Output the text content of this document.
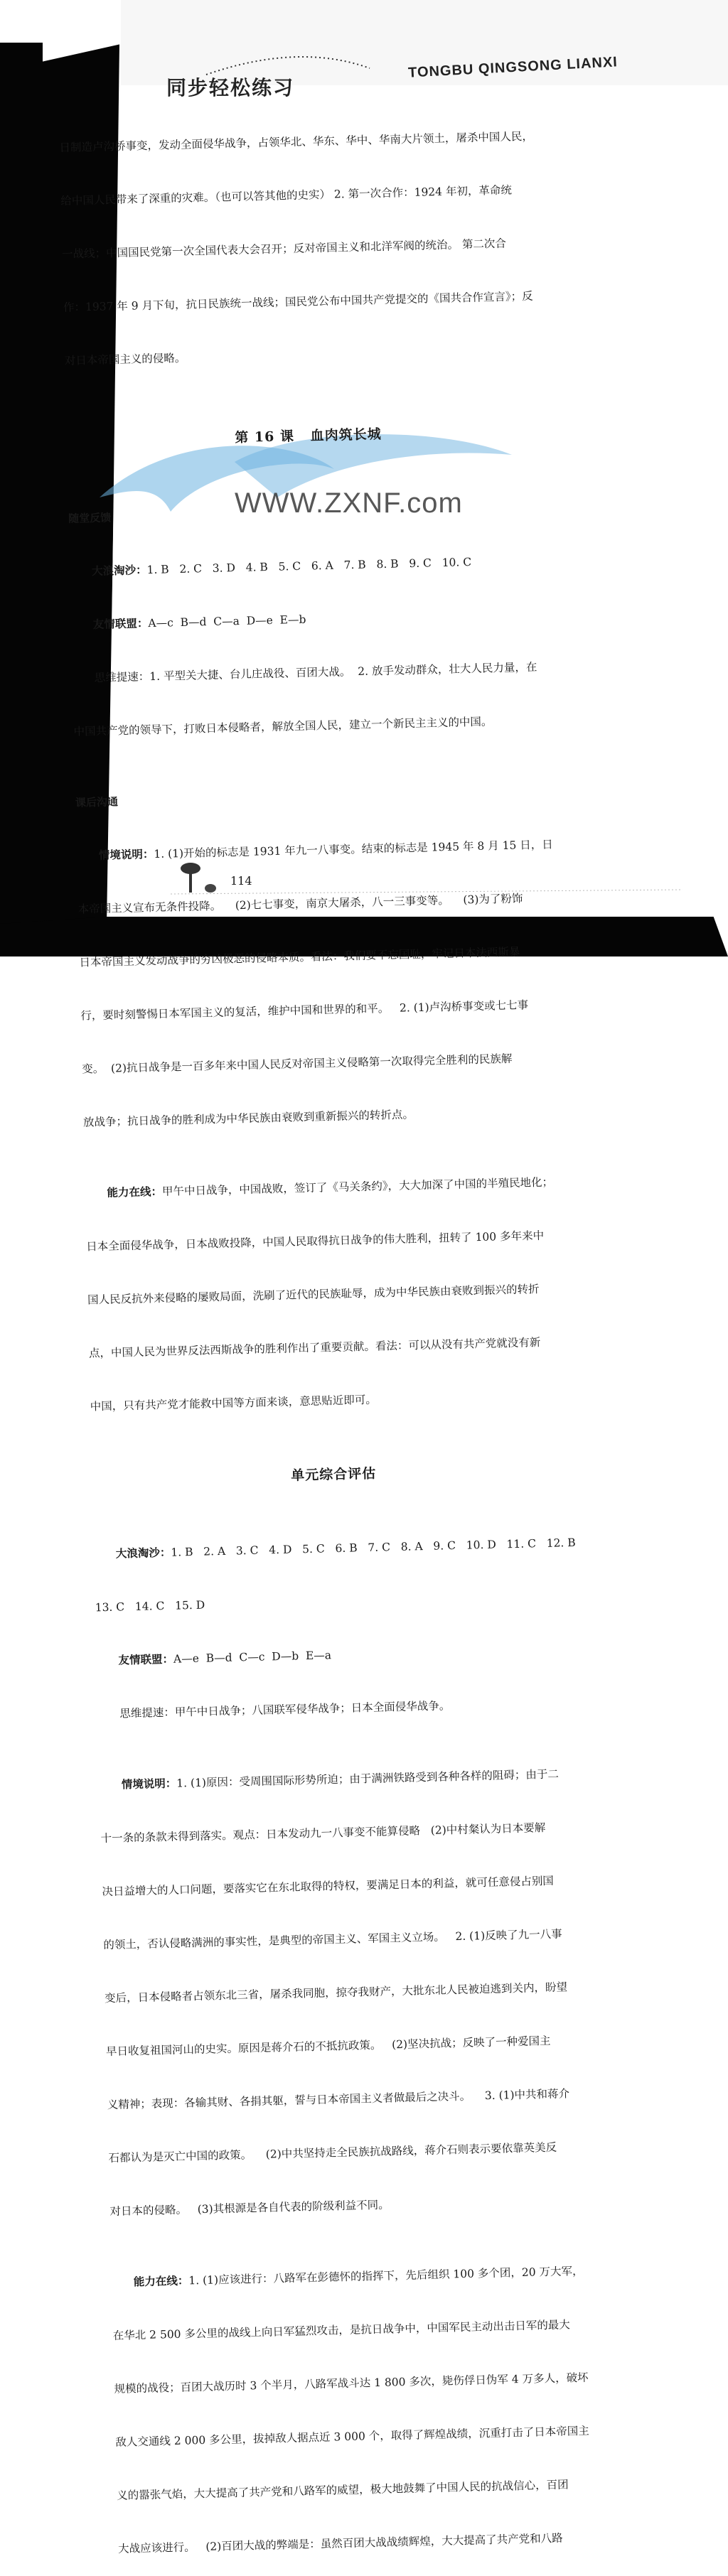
同步轻松练习
TONGBU QINGSONG LIANXI

日制造卢沟桥事变，发动全面侵华战争，占领华北、华东、华中、华南大片领土，屠杀中国人民，

给中国人民带来了深重的灾难。（也可以答其他的史实） 2. 第一次合作：1924 年初，革命统

一战线；中国国民党第一次全国代表大会召开；反对帝国主义和北洋军阀的统治。 第二次合

作：1937 年 9 月下旬，抗日民族统一战线；国民党公布中国共产党提交的《国共合作宣言》；反

对日本帝国主义的侵略。

第 16 课   血肉筑长城

随堂反馈

大浪淘沙：1. B   2. C   3. D   4. B   5. C   6. A   7. B   8. B   9. C   10. C

友情联盟：A—c  B—d  C—a  D—e  E—b

思维提速：1. 平型关大捷、台儿庄战役、百团大战。  2. 放手发动群众，壮大人民力量，在

中国共产党的领导下，打败日本侵略者，解放全国人民，建立一个新民主主义的中国。

课后沟通

情境说明：1. (1)开始的标志是 1931 年九一八事变。结束的标志是 1945 年 8 月 15 日，日

本帝国主义宣布无条件投降。    (2)七七事变，南京大屠杀，八一三事变等。    (3)为了粉饰

日本帝国主义发动战争的穷凶极恶的侵略本质。看法：我们要不忘国耻，牢记日本法西斯暴

行，要时刻警惕日本军国主义的复活，维护中国和世界的和平。   2. (1)卢沟桥事变或七七事

变。  (2)抗日战争是一百多年来中国人民反对帝国主义侵略第一次取得完全胜利的民族解

放战争；抗日战争的胜利成为中华民族由衰败到重新振兴的转折点。

能力在线：甲午中日战争，中国战败，签订了《马关条约》，大大加深了中国的半殖民地化；

日本全面侵华战争，日本战败投降，中国人民取得抗日战争的伟大胜利，扭转了 100 多年来中

国人民反抗外来侵略的屡败局面，洗刷了近代的民族耻辱，成为中华民族由衰败到振兴的转折

点，中国人民为世界反法西斯战争的胜利作出了重要贡献。看法：可以从没有共产党就没有新

中国，只有共产党才能救中国等方面来谈，意思贴近即可。

单元综合评估

大浪淘沙：1. B   2. A   3. C   4. D   5. C   6. B   7. C   8. A   9. C   10. D   11. C   12. B

13. C   14. C   15. D

友情联盟：A—e  B—d  C—c  D—b  E—a

思维提速：甲午中日战争；八国联军侵华战争；日本全面侵华战争。

情境说明：1. (1)原因：受周围国际形势所迫；由于满洲铁路受到各种各样的阻碍；由于二

十一条的条款未得到落实。观点：日本发动九一八事变不能算侵略   (2)中村粲认为日本要解

决日益增大的人口问题，要落实它在东北取得的特权，要满足日本的利益，就可任意侵占别国

的领土，否认侵略满洲的事实性，是典型的帝国主义、军国主义立场。   2. (1)反映了九一八事

变后，日本侵略者占领东北三省，屠杀我同胞，掠夺我财产，大批东北人民被迫逃到关内，盼望

早日收复祖国河山的史实。原因是蒋介石的不抵抗政策。   (2)坚决抗战；反映了一种爱国主

义精神；表现：各输其财、各捐其躯，誓与日本帝国主义者做最后之决斗。    3. (1)中共和蒋介

石都认为是灭亡中国的政策。    (2)中共坚持走全民族抗战路线，蒋介石则表示要依靠英美反

对日本的侵略。   (3)其根源是各自代表的阶级利益不同。

能力在线：1. (1)应该进行：八路军在彭德怀的指挥下，先后组织 100 多个团，20 万大军，

在华北 2 500 多公里的战线上向日军猛烈攻击，是抗日战争中，中国军民主动出击日军的最大

规模的战役；百团大战历时 3 个半月，八路军战斗达 1 800 多次，毙伤俘日伪军 4 万多人，破坏

敌人交通线 2 000 多公里，拔掉敌人据点近 3 000 个，取得了辉煌战绩，沉重打击了日本帝国主

义的嚣张气焰，大大提高了共产党和八路军的威望，极大地鼓舞了中国人民的抗战信心，百团

大战应该进行。   (2)百团大战的弊端是：虽然百团大战战绩辉煌，大大提高了共产党和八路

WWW.ZXNF.com
114
